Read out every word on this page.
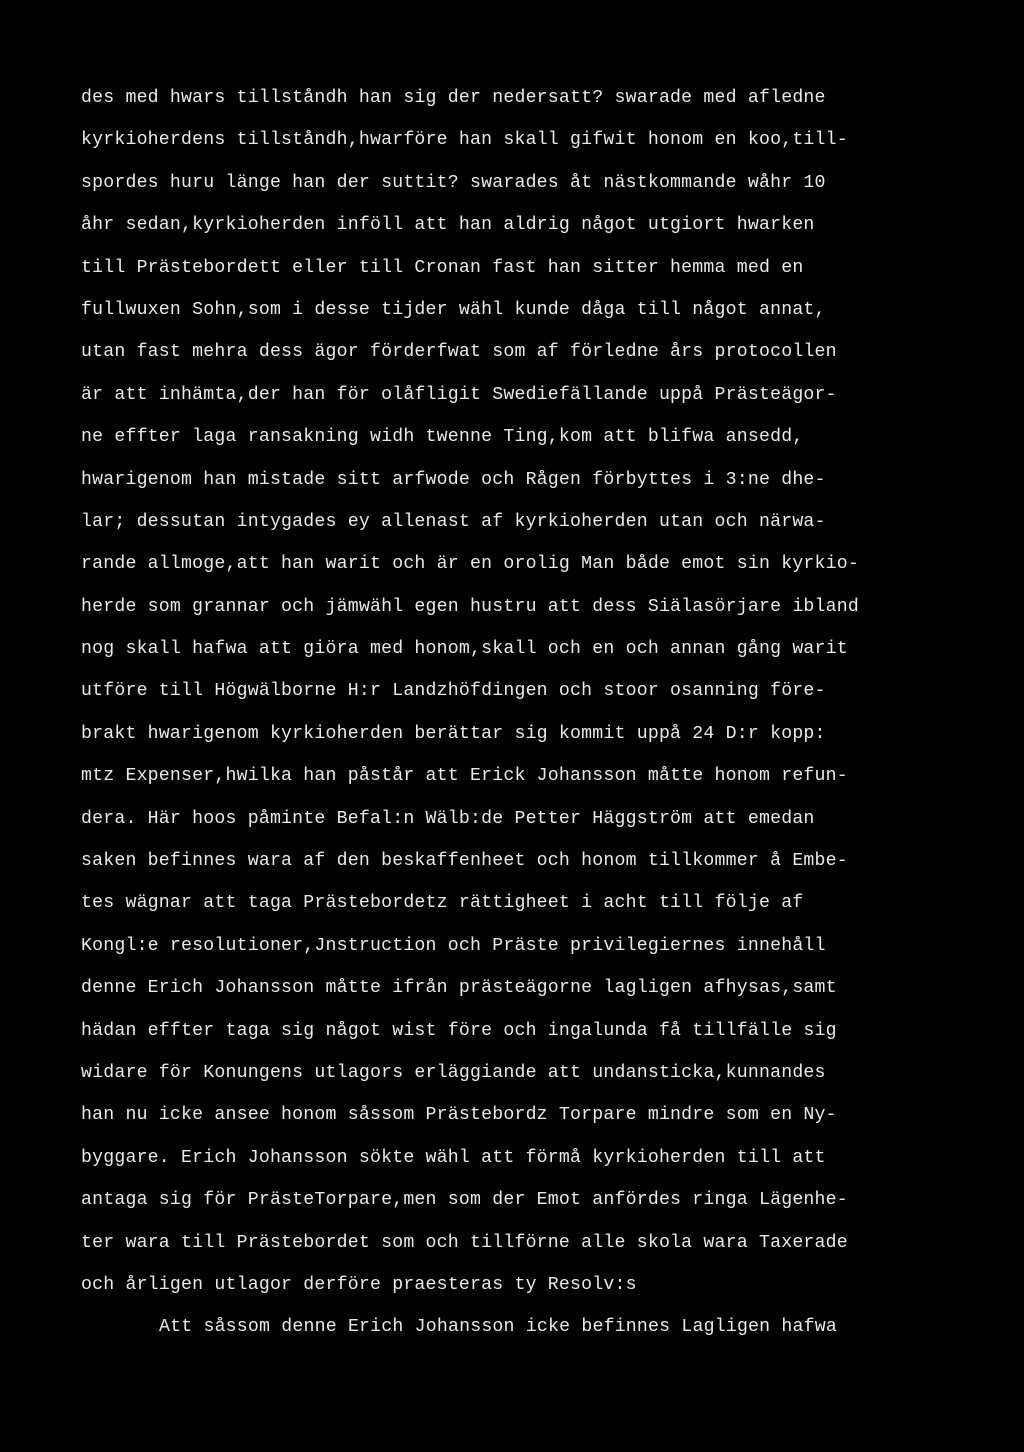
des med hwars tillståndh han sig der nedersatt? swarade med afledne
kyrkioherdens tillståndh,hwarföre han skall gifwit honom en koo,till-
spordes huru länge han der suttit? swarades åt nästkommande wåhr 10
åhr sedan,kyrkioherden inföll att han aldrig något utgiort hwarken
till Prästebordett eller till Cronan fast han sitter hemma med en
fullwuxen Sohn,som i desse tijder wähl kunde dåga till något annat,
utan fast mehra dess ägor förderfwat som af förledne års protocollen
är att inhämta,der han för olåfligit Swediefällande uppå Prästeägor-
ne effter laga ransakning widh twenne Ting,kom att blifwa ansedd,
hwarigenom han mistade sitt arfwode och Rågen förbyttes i 3:ne dhe-
lar; dessutan intygades ey allenast af kyrkioherden utan och närwa-
rande allmoge,att han warit och är en orolig Man både emot sin kyrkio-
herde som grannar och jämwähl egen hustru att dess Siälasörjare ibland
nog skall hafwa att giöra med honom,skall och en och annan gång warit
utföre till Högwälborne H:r Landzhöfdingen och stoor osanning före-
brakt hwarigenom kyrkioherden berättar sig kommit uppå 24 D:r kopp:
mtz Expenser,hwilka han påstår att Erick Johansson måtte honom refun-
dera. Här hoos påminte Befal:n Wälb:de Petter Häggström att emedan
saken befinnes wara af den beskaffenheet och honom tillkommer å Embe-
tes wägnar att taga Prästebordetz rättigheet i acht till följe af
Kongl:e resolutioner,Jnstruction och Präste privilegiernes innehåll
denne Erich Johansson måtte ifrån prästeägorne lagligen afhysas,samt
hädan effter taga sig något wist före och ingalunda få tillfälle sig
widare för Konungens utlagors erläggiande att undansticka,kunnandes
han nu icke ansee honom såssom Prästebordz Torpare mindre som en Ny-
byggare. Erich Johansson sökte wähl att förmå kyrkioherden till att
antaga sig för PrästeTorpare,men som der Emot anfördes ringa Lägenhe-
ter wara till Prästebordet som och tillförne alle skola wara Taxerade
och årligen utlagor derföre praesteras ty Resolv:s
Att såssom denne Erich Johansson icke befinnes Lagligen hafwa
